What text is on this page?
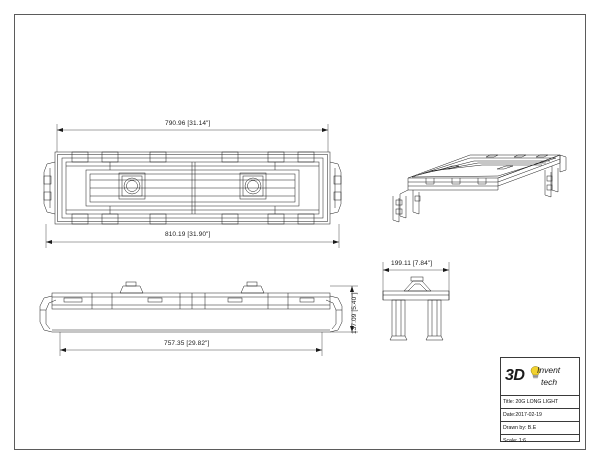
790.96 [31.14"]
810.19 [31.90"]
757.35 [29.82"]
137.09 [5.40"]
199.11 [7.84"]
3D Invent
tech
Title: 20G LONG LIGHT
Date:2017-02-19
Drawn by: B.E
Scale: 1:6
